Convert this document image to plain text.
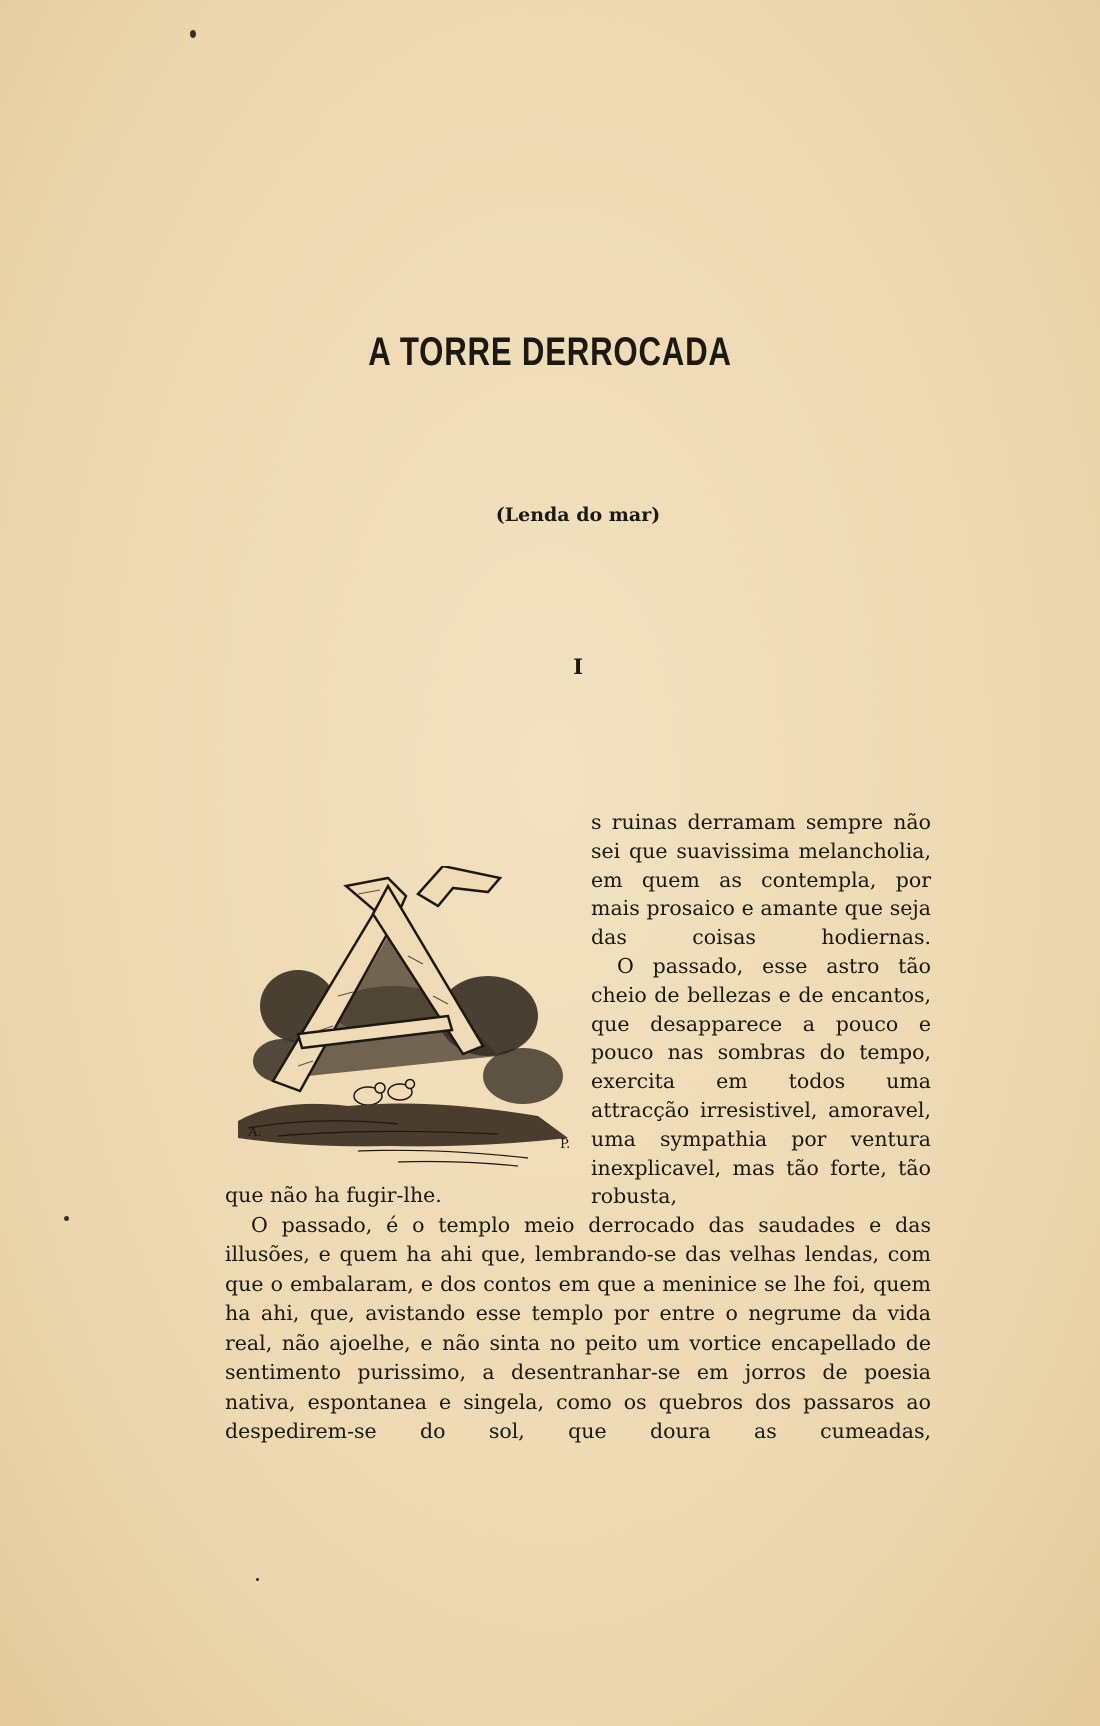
A TORRE DERROCADA
(Lenda do mar)
I
A.
P.

s ruinas derramam sempre não sei que suavissima melancholia, em quem as contempla, por mais prosaico e amante que seja das coisas hodiernas.

O passado, esse astro tão cheio de bellezas e de encantos, que desapparece a pouco e pouco nas sombras do tempo, exercita em todos uma attracção irresistivel, amoravel, uma sympathia por ventura inexplicavel, mas tão forte, tão robusta,

que não ha fugir-lhe.

O passado, é o templo meio derrocado das saudades e das illusões, e quem ha ahi que, lembrando-se das velhas lendas, com que o embalaram, e dos contos em que a meninice se lhe foi, quem ha ahi, que, avistando esse templo por entre o negrume da vida real, não ajoelhe, e não sinta no peito um vortice encapellado de sentimento purissimo, a desentranhar-se em jorros de poesia nativa, espontanea e singela, como os quebros dos passaros ao despedirem-se do sol, que doura as cumeadas,
